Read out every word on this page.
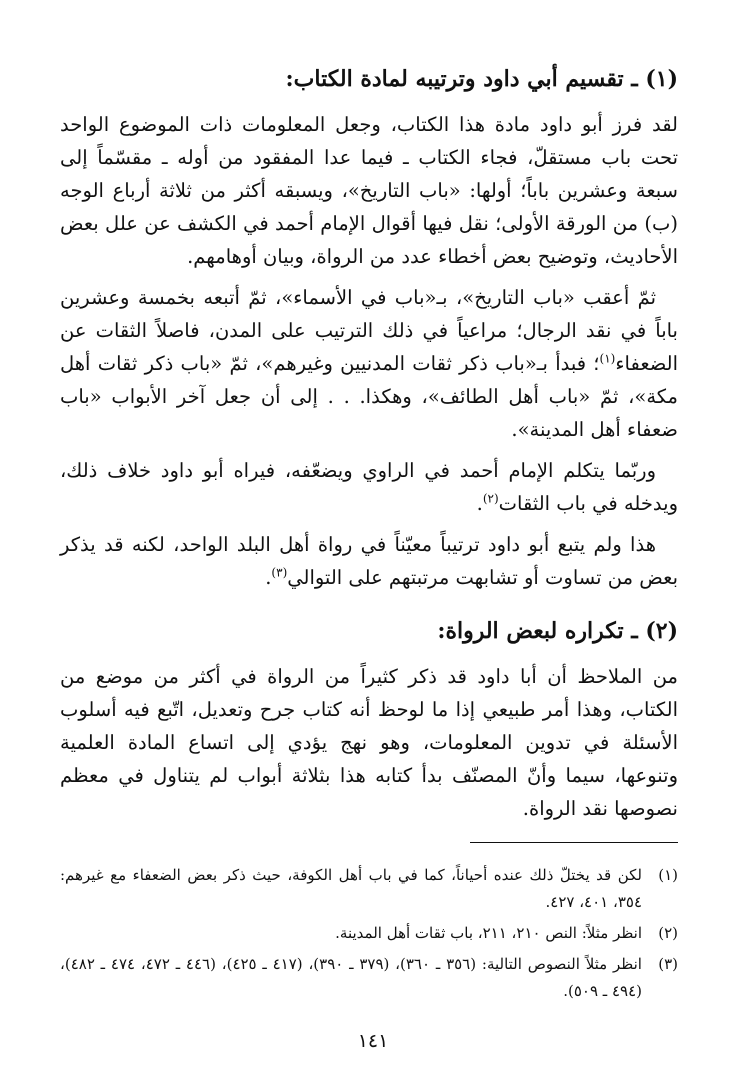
(١) ـ تقسيم أبي داود وترتيبه لمادة الكتاب:

لقد فرز أبو داود مادة هذا الكتاب، وجعل المعلومات ذات الموضوع الواحد تحت باب مستقلّ، فجاء الكتاب ـ فيما عدا المفقود من أوله ـ مقسّماً إلى سبعة وعشرين باباً؛ أولها: «باب التاريخ»، ويسبقه أكثر من ثلاثة أرباع الوجه (ب) من الورقة الأولى؛ نقل فيها أقوال الإمام أحمد في الكشف عن علل بعض الأحاديث، وتوضيح بعض أخطاء عدد من الرواة، وبيان أوهامهم.

ثمّ أعقب «باب التاريخ»، بـ«باب في الأسماء»، ثمّ أتبعه بخمسة وعشرين باباً في نقد الرجال؛ مراعياً في ذلك الترتيب على المدن، فاصلاً الثقات عن الضعفاء$^{(١)}$؛ فبدأ بـ«باب ذكر ثقات المدنيين وغيرهم»، ثمّ «باب ذكر ثقات أهل مكة»، ثمّ «باب أهل الطائف»، وهكذا. . . إلى أن جعل آخر الأبواب «باب ضعفاء أهل المدينة».

وربّما يتكلم الإمام أحمد في الراوي ويضعّفه، فيراه أبو داود خلاف ذلك، ويدخله في باب الثقات$^{(٢)}$.

هذا ولم يتبع أبو داود ترتيباً معيّناً في رواة أهل البلد الواحد، لكنه قد يذكر بعض من تساوت أو تشابهت مرتبتهم على التوالي$^{(٣)}$.

(٢) ـ تكراره لبعض الرواة:

من الملاحظ أن أبا داود قد ذكر كثيراً من الرواة في أكثر من موضع من الكتاب، وهذا أمر طبيعي إذا ما لوحظ أنه كتاب جرح وتعديل، اتّبع فيه أسلوب الأسئلة في تدوين المعلومات، وهو نهج يؤدي إلى اتساع المادة العلمية وتنوعها، سيما وأنّ المصنّف بدأ كتابه هذا بثلاثة أبواب لم يتناول في معظم نصوصها نقد الرواة.

(١)
لكن قد يختلّ ذلك عنده أحياناً، كما في باب أهل الكوفة، حيث ذكر بعض الضعفاء مع غيرهم: ٣٥٤، ٤٠١، ٤٢٧.
(٢)
انظر مثلاً: النص ٢١٠، ٢١١، باب ثقات أهل المدينة.
(٣)
انظر مثلاً النصوص التالية: (٣٥٦ ـ ٣٦٠)، (٣٧٩ ـ ٣٩٠)، (٤١٧ ـ ٤٢٥)، (٤٤٦ ـ ٤٧٢، ٤٧٤ ـ ٤٨٢)، (٤٩٤ ـ ٥٠٩).
١٤١
